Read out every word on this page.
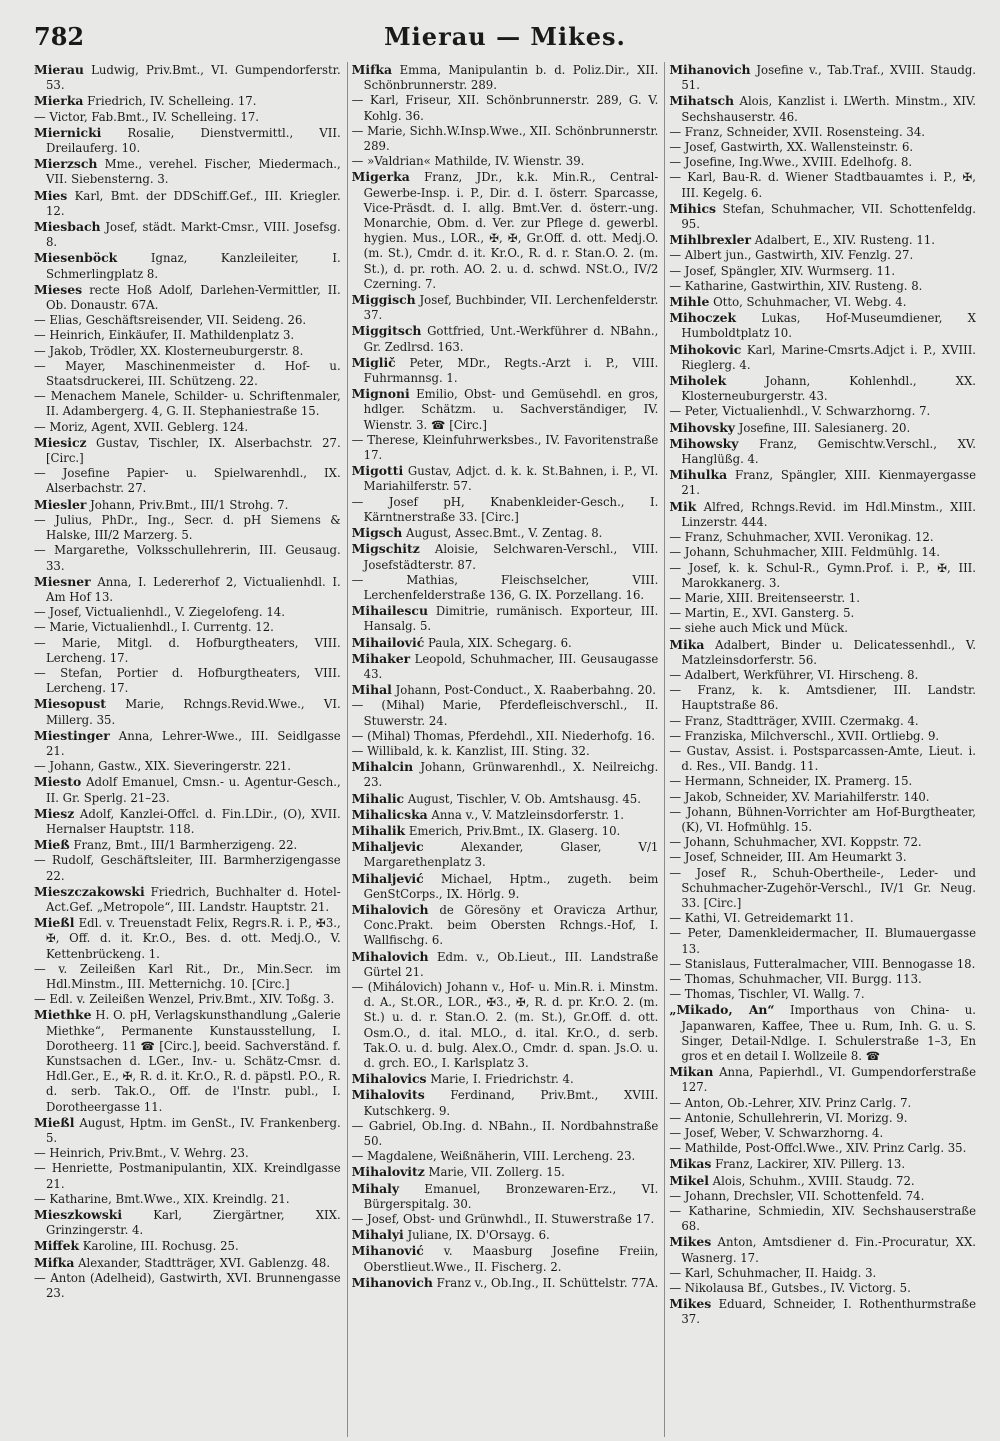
782	Mierau — Mikes.

Mierau Ludwig, Priv.Bmt., VI. Gumpendorferstr. 53.

Mierka Friedrich, IV. Schelleing. 17.

— Victor, Fab.Bmt., IV. Schelleing. 17.

Miernicki Rosalie, Dienstvermittl., VII. Dreilauferg. 10.

Mierzsch Mme., verehel. Fischer, Miedermach., VII. Siebensterng. 3.

Mies Karl, Bmt. der DDSchiff.Gef., III. Kriegler. 12.

Miesbach Josef, städt. Markt-Cmsr., VIII. Josefsg. 8.

Miesenböck	Ignaz, Kanzleileiter, I. Schmerlingplatz 8.

Mieses recte Hoß Adolf, Darlehen-Vermittler, II. Ob. Donaustr. 67A.

— Elias, Geschäftsreisender, VII. Seideng. 26.

— Heinrich, Einkäufer, II. Mathildenplatz 3.

— Jakob, Trödler, XX. Klosterneuburgerstr. 8.

— Mayer, Maschinenmeister d. Hof- u. Staatsdruckerei, III. Schützeng. 22.

— Menachem Manele, Schilder- u. Schriftenmaler, II. Adambergerg. 4, G. II. Stephaniestraße 15.

— Moriz, Agent, XVII. Geblerg. 124.

Miesicz Gustav, Tischler, IX. Alserbachstr. 27. [Circ.]

— Josefine Papier- u. Spielwarenhdl., IX. Alserbachstr. 27.

Miesler Johann, Priv.Bmt., III/1 Strohg. 7.

— Julius, PhDr., Ing., Secr. d. pH Siemens & Halske, III/2 Marzerg. 5.

— Margarethe, Volksschullehrerin, III. Geusaug. 33.

Miesner Anna, I. Ledererhof 2, Victualienhdl. I. Am Hof 13.

— Josef, Victualienhdl., V. Ziegelofeng. 14.

— Marie, Victualienhdl., I. Currentg. 12.

— Marie, Mitgl. d. Hofburgtheaters, VIII. Lercheng. 17.

— Stefan, Portier d. Hofburgtheaters, VIII. Lercheng. 17.

Miesopust Marie, Rchngs.Revid.Wwe., VI. Millerg. 35.

Miestinger Anna, Lehrer-Wwe., III. Seidlgasse 21.

— Johann, Gastw., XIX. Sieveringerstr. 221.

Miesto Adolf Emanuel, Cmsn.- u. Agentur-Gesch., II. Gr. Sperlg. 21–23.

Miesz Adolf, Kanzlei-Offcl. d. Fin.LDir., (O), XVII. Hernalser Hauptstr. 118.

Mieß Franz, Bmt., III/1 Barmherzigeng. 22.

— Rudolf, Geschäftsleiter, III. Barmherzigengasse 22.

Mieszczakowski Friedrich, Buchhalter d. Hotel-Act.Gef. „Metropole“, III. Landstr. Hauptstr. 21.

Mießl Edl. v. Treuenstadt Felix, Regrs.R. i. P., ✠3., ✠, Off. d. it. Kr.O., Bes. d. ott. Medj.O., V. Kettenbrückeng. 1.

— v. Zeileißen Karl Rit., Dr., Min.Secr. im Hdl.Minstm., III. Metternichg. 10. [Circ.]

— Edl. v. Zeileißen Wenzel, Priv.Bmt., XIV. Toßg. 3.

Miethke H. O. pH, Verlagskunsthandlung „Galerie Miethke“, Permanente Kunstausstellung, I. Dorotheerg. 11 ☎ [Circ.], beeid. Sachverständ. f. Kunstsachen d. LGer., Inv.- u. Schätz-Cmsr. d. Hdl.Ger., E., ✠, R. d. it. Kr.O., R. d. päpstl. P.O., R. d. serb. Tak.O., Off. de l'Instr. publ., I. Dorotheergasse 11.

Mießl August, Hptm. im GenSt., IV. Frankenberg. 5.

— Heinrich, Priv.Bmt., V. Wehrg. 23.

— Henriette, Postmanipulantin, XIX. Kreindlgasse 21.

— Katharine, Bmt.Wwe., XIX. Kreindlg. 21.

Mieszkowski	Karl, Ziergärtner, XIX. Grinzingerstr. 4.

Miffek Karoline, III. Rochusg. 25.

Mifka Alexander, Stadtträger, XVI. Gablenzg. 48.

— Anton (Adelheid), Gastwirth, XVI. Brunnengasse 23.

Mifka Emma, Manipulantin b. d. Poliz.Dir., XII. Schönbrunnerstr. 289.

— Karl, Friseur, XII. Schönbrunnerstr. 289, G. V. Kohlg. 36.

— Marie, Sichh.W.Insp.Wwe., XII. Schönbrunnerstr. 289.

— »Valdrian« Mathilde, IV. Wienstr. 39.

Migerka Franz, JDr., k.k. Min.R., Central-Gewerbe-Insp. i. P., Dir. d. I. österr. Sparcasse, Vice-Präsdt. d. I. allg. Bmt.Ver. d. österr.-ung. Monarchie, Obm. d. Ver. zur Pflege d. gewerbl. hygien. Mus., LOR., ✠, ✠, Gr.Off. d. ott. Medj.O. (m. St.), Cmdr. d. it. Kr.O., R. d. r. Stan.O. 2. (m. St.), d. pr. roth. AO. 2. u. d. schwd. NSt.O., IV/2 Czerning. 7.

Miggisch Josef, Buchbinder, VII. Lerchenfelderstr. 37.

Miggitsch Gottfried, Unt.-Werkführer d. NBahn., Gr. Zedlrsd. 163.

Miglič Peter, MDr., Regts.-Arzt i. P., VIII. Fuhrmannsg. 1.

Mignoni Emilio, Obst- und Gemüsehdl. en gros, hdlger. Schätzm. u. Sachverständiger, IV. Wienstr. 3. ☎ [Circ.]

— Therese, Kleinfuhrwerksbes., IV. Favoritenstraße 17.

Migotti Gustav, Adjct. d. k. k. St.Bahnen, i. P., VI. Mariahilferstr. 57.

— Josef pH, Knabenkleider-Gesch., I. Kärntnerstraße 33. [Circ.]

Migsch August, Assec.Bmt., V. Zentag. 8.

Migschitz Aloisie, Selchwaren-Verschl., VIII. Josefstädterstr. 87.

— Mathias, Fleischselcher, VIII. Lerchenfelderstraße 136, G. IX. Porzellang. 16.

Mihailescu Dimitrie, rumänisch. Exporteur, III. Hansalg. 5.

Mihailović Paula, XIX. Schegarg. 6.

Mihaker Leopold, Schuhmacher, III. Geusaugasse 43.

Mihal Johann, Post-Conduct., X. Raaberbahng. 20.

— (Mihal) Marie, Pferdefleischverschl., II. Stuwerstr. 24.

— (Mihal) Thomas, Pferdehdl., XII. Niederhofg. 16.

— Willibald, k. k. Kanzlist, III. Sting. 32.

Mihalcin Johann, Grünwarenhdl., X. Neilreichg. 23.

Mihalic August, Tischler, V. Ob. Amtshausg. 45.

Mihalicska Anna v., V. Matzleinsdorferstr. 1.

Mihalik Emerich, Priv.Bmt., IX. Glaserg. 10.

Mihaljevic	Alexander, Glaser, V/1 Margarethenplatz 3.

Mihaljević Michael, Hptm., zugeth. beim GenStCorps., IX. Hörlg. 9.

Mihalovich de Göresöny et Oravicza Arthur, Conc.Prakt. beim Obersten Rchngs.-Hof, I. Wallfischg. 6.

Mihalovich Edm. v., Ob.Lieut., III. Landstraße Gürtel 21.

— (Mihálovich) Johann v., Hof- u. Min.R. i. Minstm. d. A., St.OR., LOR., ✠3., ✠, R. d. pr. Kr.O. 2. (m. St.) u. d. r. Stan.O. 2. (m. St.), Gr.Off. d. ott. Osm.O., d. ital. MLO., d. ital. Kr.O., d. serb. Tak.O. u. d. bulg. Alex.O., Cmdr. d. span. Js.O. u. d. grch. EO., I. Karlsplatz 3.

Mihalovics Marie, I. Friedrichstr. 4.

Mihalovits Ferdinand, Priv.Bmt., XVIII. Kutschkerg. 9.

— Gabriel, Ob.Ing. d. NBahn., II. Nordbahnstraße 50.

— Magdalene, Weißnäherin, VIII. Lercheng. 23.

Mihalovitz Marie, VII. Zollerg. 15.

Mihaly Emanuel, Bronzewaren-Erz., VI. Bürgerspitalg. 30.

— Josef, Obst- und Grünwhdl., II. Stuwerstraße 17.

Mihalyi Juliane, IX. D'Orsayg. 6.

Mihanović v. Maasburg Josefine Freiin, Oberstlieut.Wwe., II. Fischerg. 2.

Mihanovich Franz v., Ob.Ing., II. Schüttelstr. 77A.

Mihanovich Josefine v., Tab.Traf., XVIII. Staudg. 51.

Mihatsch Alois, Kanzlist i. LWerth. Minstm., XIV. Sechshauserstr. 46.

— Franz, Schneider, XVII. Rosensteing. 34.

— Josef, Gastwirth, XX. Wallensteinstr. 6.

— Josefine, Ing.Wwe., XVIII. Edelhofg. 8.

— Karl, Bau-R. d. Wiener Stadtbauamtes i. P., ✠, III. Kegelg. 6.

Mihics Stefan, Schuhmacher, VII. Schottenfeldg. 95.

Mihlbrexler Adalbert, E., XIV. Rusteng. 11.

— Albert jun., Gastwirth, XIV. Fenzlg. 27.

— Josef, Spängler, XIV. Wurmserg. 11.

— Katharine, Gastwirthin, XIV. Rusteng. 8.

Mihle Otto, Schuhmacher, VI. Webg. 4.

Mihoczek Lukas, Hof-Museumdiener, X Humboldtplatz 10.

Mihokovic Karl, Marine-Cmsrts.Adjct i. P., XVIII. Rieglerg. 4.

Miholek	Johann, Kohlenhdl., XX. Klosterneuburgerstr. 43.

— Peter, Victualienhdl., V. Schwarzhorng. 7.

Mihovsky Josefine, III. Salesianerg. 20.

Mihowsky Franz, Gemischtw.Verschl., XV. Hanglüßg. 4.

Mihulka Franz, Spängler, XIII. Kienmayergasse 21.

Mik Alfred, Rchngs.Revid. im Hdl.Minstm., XIII. Linzerstr. 444.

— Franz, Schuhmacher, XVII. Veronikag. 12.

— Johann, Schuhmacher, XIII. Feldmühlg. 14.

— Josef, k. k. Schul-R., Gymn.Prof. i. P., ✠, III. Marokkanerg. 3.

— Marie, XIII. Breitenseerstr. 1.

— Martin, E., XVI. Gansterg. 5.

— siehe auch Mick und Mück.

Mika Adalbert, Binder u. Delicatessenhdl., V. Matzleinsdorferstr. 56.

— Adalbert, Werkführer, VI. Hirscheng. 8.

— Franz, k. k. Amtsdiener, III. Landstr. Hauptstraße 86.

— Franz, Stadtträger, XVIII. Czermakg. 4.

— Franziska, Milchverschl., XVII. Ortliebg. 9.

— Gustav, Assist. i. Postsparcassen-Amte, Lieut. i. d. Res., VII. Bandg. 11.

— Hermann, Schneider, IX. Pramerg. 15.

— Jakob, Schneider, XV. Mariahilferstr. 140.

— Johann, Bühnen-Vorrichter am Hof-Burgtheater, (K), VI. Hofmühlg. 15.

— Johann, Schuhmacher, XVI. Koppstr. 72.

— Josef, Schneider, III. Am Heumarkt 3.

— Josef R., Schuh-Obertheile-, Leder- und Schuhmacher-Zugehör-Verschl., IV/1 Gr. Neug. 33. [Circ.]

— Kathi, VI. Getreidemarkt 11.

— Peter, Damenkleidermacher, II. Blumauergasse 13.

— Stanislaus, Futteralmacher, VIII. Bennogasse 18.

— Thomas, Schuhmacher, VII. Burgg. 113.

— Thomas, Tischler, VI. Wallg. 7.

„Mikado, An“ Importhaus von China- u. Japanwaren, Kaffee, Thee u. Rum, Inh. G. u. S. Singer, Detail-Ndlge. I. Schulerstraße 1–3, En gros et en detail I. Wollzeile 8. ☎

Mikan Anna, Papierhdl., VI. Gumpendorferstraße 127.

— Anton, Ob.-Lehrer, XIV. Prinz Carlg. 7.

— Antonie, Schullehrerin, VI. Morizg. 9.

— Josef, Weber, V. Schwarzhorng. 4.

— Mathilde, Post-Offcl.Wwe., XIV. Prinz Carlg. 35.

Mikas Franz, Lackirer, XIV. Pillerg. 13.

Mikel Alois, Schuhm., XVIII. Staudg. 72.

— Johann, Drechsler, VII. Schottenfeld. 74.

— Katharine, Schmiedin, XIV. Sechshauserstraße 68.

Mikes Anton, Amtsdiener d. Fin.-Procuratur, XX. Wasnerg. 17.

— Karl, Schuhmacher, II. Haidg. 3.

— Nikolausa Bf., Gutsbes., IV. Victorg. 5.

Mikes Eduard, Schneider, I. Rothenthurmstraße 37.
